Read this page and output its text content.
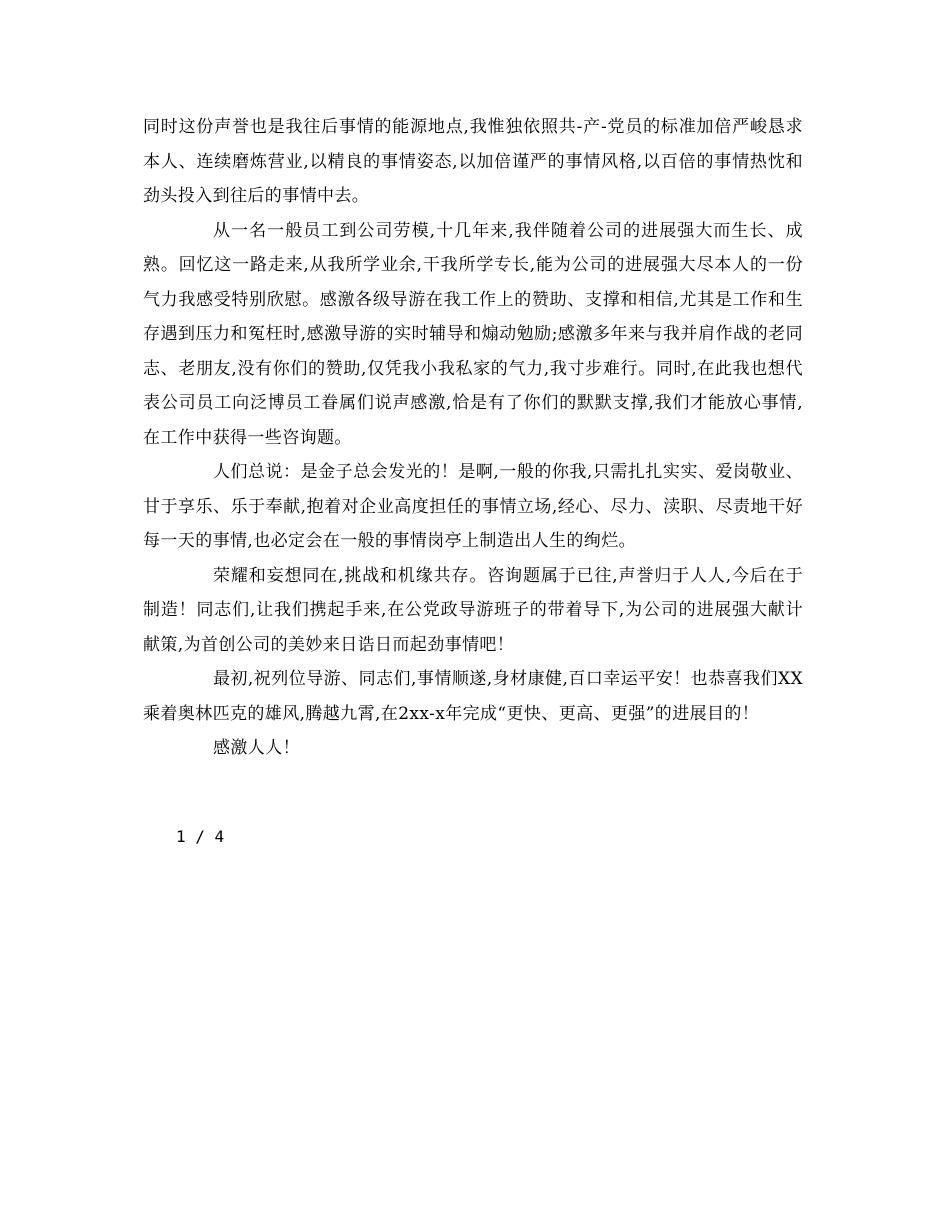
同时这份声誉也是我往后事情的能源地点,我惟独依照共-产-党员的标准加倍严峻恳求本人、连续磨炼营业,以精良的事情姿态,以加倍谨严的事情风格,以百倍的事情热忱和劲头投入到往后的事情中去。

从一名一般员工到公司劳模,十几年来,我伴随着公司的进展强大而生长、成熟。回忆这一路走来,从我所学业余,干我所学专长,能为公司的进展强大尽本人的一份气力我感受特别欣慰。感激各级导游在我工作上的赞助、支撑和相信,尤其是工作和生存遇到压力和冤枉时,感激导游的实时辅导和煽动勉励;感激多年来与我并肩作战的老同志、老朋友,没有你们的赞助,仅凭我小我私家的气力,我寸步难行。同时,在此我也想代表公司员工向泛博员工眷属们说声感激,恰是有了你们的默默支撑,我们才能放心事情,在工作中获得一些咨询题。

人们总说：是金子总会发光的！是啊,一般的你我,只需扎扎实实、爱岗敬业、甘于享乐、乐于奉献,抱着对企业高度担任的事情立场,经心、尽力、渎职、尽责地干好每一天的事情,也必定会在一般的事情岗亭上制造出人生的绚烂。

荣耀和妄想同在,挑战和机缘共存。咨询题属于已往,声誉归于人人,今后在于制造！同志们,让我们携起手来,在公党政导游班子的带着导下,为公司的进展强大献计献策,为首创公司的美妙来日诰日而起劲事情吧！

最初,祝列位导游、同志们,事情顺遂,身材康健,百口幸运平安！也恭喜我们XX乘着奥林匹克的雄风,腾越九霄,在2xx-x年完成“更快、更高、更强”的进展目的！

感激人人！

1 / 4
